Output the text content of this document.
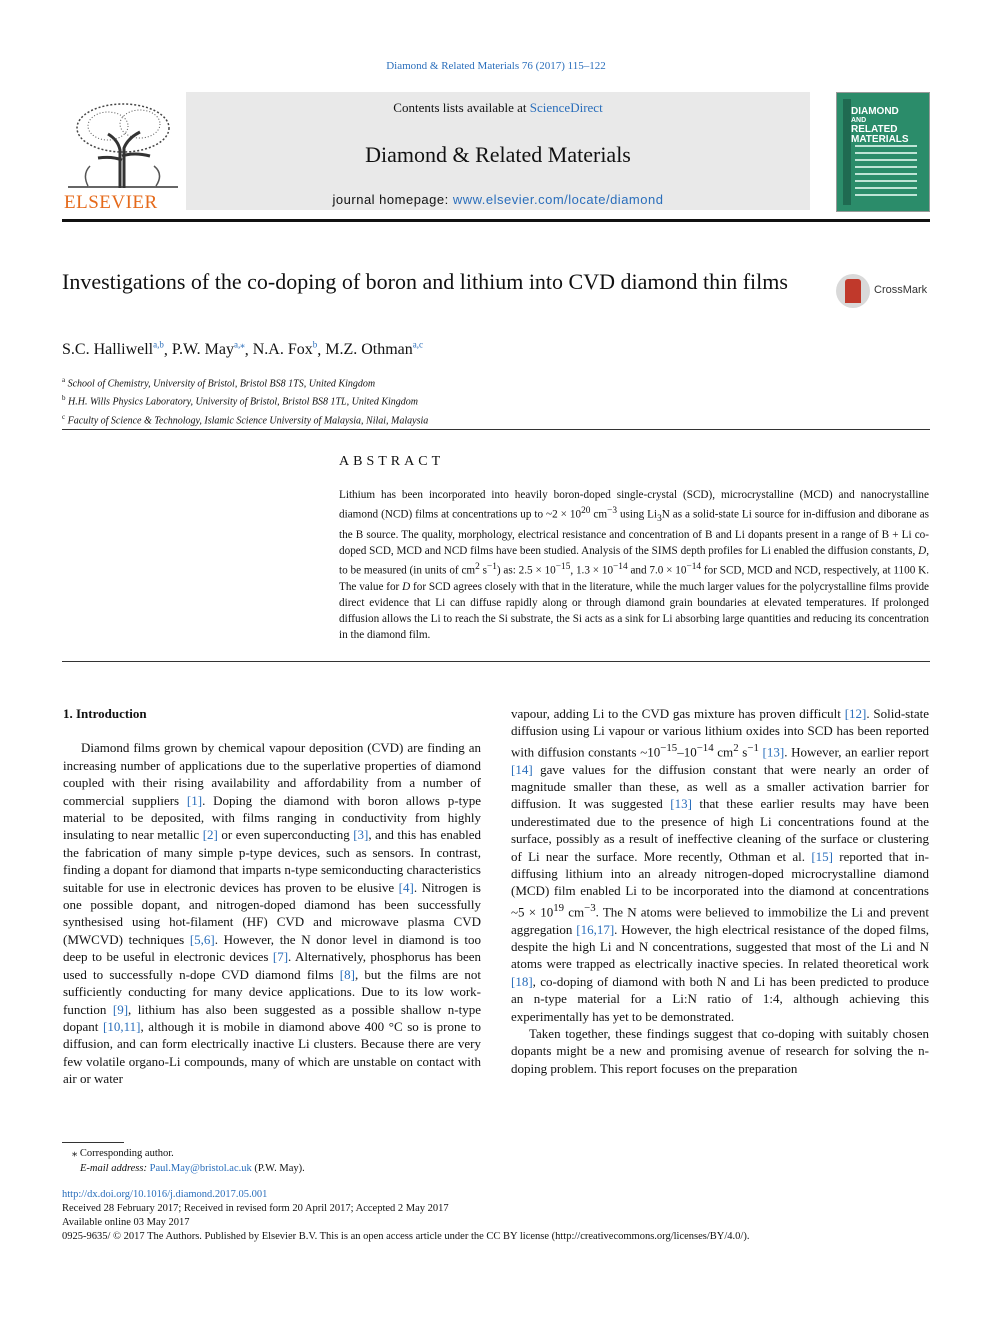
Diamond & Related Materials 76 (2017) 115–122
ELSEVIER
Contents lists available at ScienceDirect
Diamond & Related Materials
journal homepage: www.elsevier.com/locate/diamond
DIAMOND
AND
RELATED
MATERIALS
Investigations of the co-doping of boron and lithium into CVD diamond thin films	CrossMark
S.C. Halliwell$^{a,b}$, P.W. May$^{a,⁎}$, N.A. Fox$^b$, M.Z. Othman$^{a,c}$
$^a$ School of Chemistry, University of Bristol, Bristol BS8 1TS, United Kingdom
$^b$ H.H. Wills Physics Laboratory, University of Bristol, Bristol BS8 1TL, United Kingdom
$^c$ Faculty of Science & Technology, Islamic Science University of Malaysia, Nilai, Malaysia
ABSTRACT
Lithium has been incorporated into heavily boron-doped single-crystal (SCD), microcrystalline (MCD) and nanocrystalline diamond (NCD) films at concentrations up to ~2 × $10^{20}$ $cm^{-3}$ using $Li_3N$ as a solid-state Li source for in-diffusion and diborane as the B source. The quality, morphology, electrical resistance and concentration of B and Li dopants present in a range of B + Li co-doped SCD, MCD and NCD films have been studied. Analysis of the SIMS depth profiles for Li enabled the diffusion constants, D, to be measured (in units of $cm^2$ $s^{-1}$) as: $2.5 \times 10^{-15}$, $1.3 \times 10^{-14}$ and $7.0 \times 10^{-14}$ for SCD, MCD and NCD, respectively, at 1100 K. The value for D for SCD agrees closely with that in the literature, while the much larger values for the polycrystalline films provide direct evidence that Li can diffuse rapidly along or through diamond grain boundaries at elevated temperatures. If prolonged diffusion allows the Li to reach the Si substrate, the Si acts as a sink for Li absorbing large quantities and reducing its concentration in the diamond film.
1. Introduction
Diamond films grown by chemical vapour deposition (CVD) are finding an increasing number of applications due to the superlative properties of diamond coupled with their rising availability and affordability from a number of commercial suppliers [1]. Doping the diamond with boron allows p-type material to be deposited, with films ranging in conductivity from highly insulating to near metallic [2] or even superconducting [3], and this has enabled the fabrication of many simple p-type devices, such as sensors. In contrast, finding a dopant for diamond that imparts n-type semiconducting characteristics suitable for use in electronic devices has proven to be elusive [4]. Nitrogen is one possible dopant, and nitrogen-doped diamond has been successfully synthesised using hot-filament (HF) CVD and microwave plasma CVD (MWCVD) techniques [5,6]. However, the N donor level in diamond is too deep to be useful in electronic devices [7]. Alternatively, phosphorus has been used to successfully n-dope CVD diamond films [8], but the films are not sufficiently conducting for many device applications. Due to its low work-function [9], lithium has also been suggested as a possible shallow n-type dopant [10,11], although it is mobile in diamond above 400 °C so is prone to diffusion, and can form electrically inactive Li clusters. Because there are very few volatile organo-Li compounds, many of which are unstable on contact with air or water
vapour, adding Li to the CVD gas mixture has proven difficult [12]. Solid-state diffusion using Li vapour or various lithium oxides into SCD has been reported with diffusion constants $\sim 10^{-15}-10^{-14}$ $cm^2$ $s^{-1}$ [13]. However, an earlier report [14] gave values for the diffusion constant that were nearly an order of magnitude smaller than these, as well as a smaller activation barrier for diffusion. It was suggested [13] that these earlier results may have been underestimated due to the presence of high Li concentrations found at the surface, possibly as a result of ineffective cleaning of the surface or clustering of Li near the surface. More recently, Othman et al. [15] reported that in-diffusing lithium into an already nitrogen-doped microcrystalline diamond (MCD) film enabled Li to be incorporated into the diamond at concentrations ~5 × $10^{19}$ $cm^{-3}$. The N atoms were believed to immobilize the Li and prevent aggregation [16,17]. However, the high electrical resistance of the doped films, despite the high Li and N concentrations, suggested that most of the Li and N atoms were trapped as electrically inactive species. In related theoretical work [18], co-doping of diamond with both N and Li has been predicted to produce an n-type material for a Li:N ratio of 1:4, although achieving this experimentally has yet to be demonstrated.
Taken together, these findings suggest that co-doping with suitably chosen dopants might be a new and promising avenue of research for solving the n-doping problem. This report focuses on the preparation
⁎ Corresponding author.
E-mail address: Paul.May@bristol.ac.uk (P.W. May).
http://dx.doi.org/10.1016/j.diamond.2017.05.001
Received 28 February 2017; Received in revised form 20 April 2017; Accepted 2 May 2017
Available online 03 May 2017
0925-9635/ © 2017 The Authors. Published by Elsevier B.V. This is an open access article under the CC BY license (http://creativecommons.org/licenses/BY/4.0/).
